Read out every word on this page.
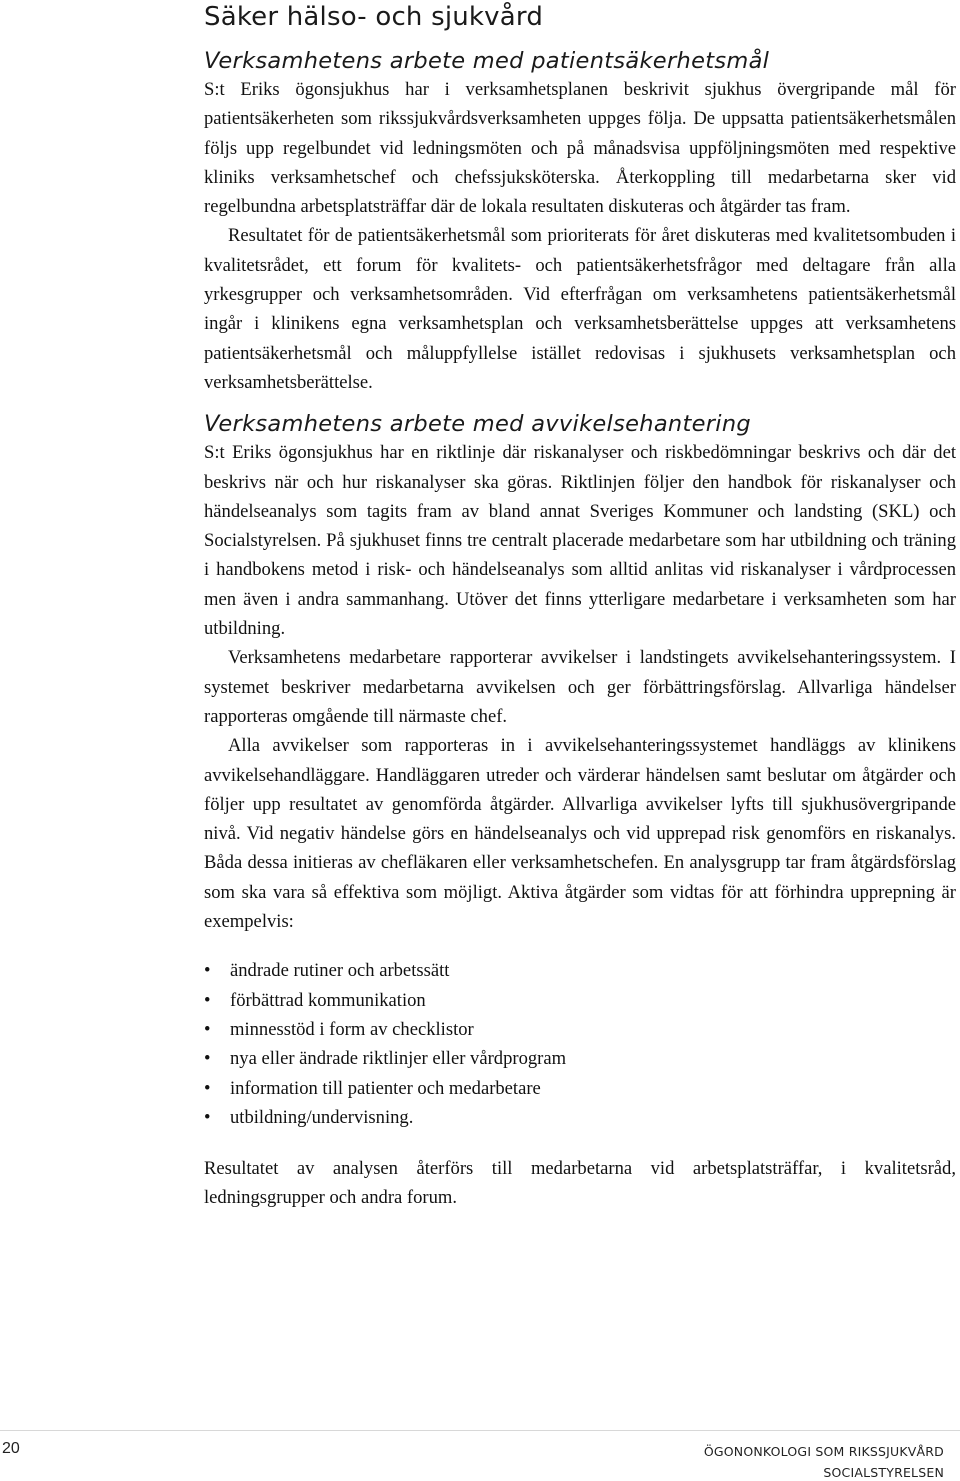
Säker hälso- och sjukvård
Verksamhetens arbete med patientsäkerhetsmål

S:t Eriks ögonsjukhus har i verksamhetsplanen beskrivit sjukhus övergripande mål för patientsäkerheten som rikssjukvårdsverksamheten uppges följa. De uppsatta patientsäkerhetsmålen följs upp regelbundet vid ledningsmöten och på månadsvisa uppföljningsmöten med respektive kliniks verksamhetschef och chefssjuksköterska. Återkoppling till medarbetarna sker vid regelbundna arbetsplatsträffar där de lokala resultaten diskuteras och åtgärder tas fram.

Resultatet för de patientsäkerhetsmål som prioriterats för året diskuteras med kvalitetsombuden i kvalitetsrådet, ett forum för kvalitets- och patientsäkerhetsfrågor med deltagare från alla yrkesgrupper och verksamhetsområden. Vid efterfrågan om verksamhetens patientsäkerhetsmål ingår i klinikens egna verksamhetsplan och verksamhetsberättelse uppges att verksamhetens patientsäkerhetsmål och måluppfyllelse istället redovisas i sjukhusets verksamhetsplan och verksamhetsberättelse.

Verksamhetens arbete med avvikelsehantering

S:t Eriks ögonsjukhus har en riktlinje där riskanalyser och riskbedömningar beskrivs och där det beskrivs när och hur riskanalyser ska göras. Riktlinjen följer den handbok för riskanalyser och händelseanalys som tagits fram av bland annat Sveriges Kommuner och landsting (SKL) och Socialstyrelsen. På sjukhuset finns tre centralt placerade medarbetare som har utbildning och träning i handbokens metod i risk- och händelseanalys som alltid anlitas vid riskanalyser i vårdprocessen men även i andra sammanhang. Utöver det finns ytterligare medarbetare i verksamheten som har utbildning.

Verksamhetens medarbetare rapporterar avvikelser i landstingets avvikelsehanteringssystem. I systemet beskriver medarbetarna avvikelsen och ger förbättringsförslag. Allvarliga händelser rapporteras omgående till närmaste chef.

Alla avvikelser som rapporteras in i avvikelsehanteringssystemet handläggs av klinikens avvikelsehandläggare. Handläggaren utreder och värderar händelsen samt beslutar om åtgärder och följer upp resultatet av genomförda åtgärder. Allvarliga avvikelser lyfts till sjukhusövergripande nivå. Vid negativ händelse görs en händelseanalys och vid upprepad risk genomförs en riskanalys. Båda dessa initieras av chefläkaren eller verksamhetschefen. En analysgrupp tar fram åtgärdsförslag som ska vara så effektiva som möjligt. Aktiva åtgärder som vidtas för att förhindra upprepning är exempelvis:

• ändrade rutiner och arbetssätt
• förbättrad kommunikation
• minnesstöd i form av checklistor
• nya eller ändrade riktlinjer eller vårdprogram
• information till patienter och medarbetare
• utbildning/undervisning.

Resultatet av analysen återförs till medarbetarna vid arbetsplatsträffar, i kvalitetsråd, ledningsgrupper och andra forum.

20	ÖGONONKOLOGI SOM RIKSSJUKVÅRD
SOCIALSTYRELSEN
